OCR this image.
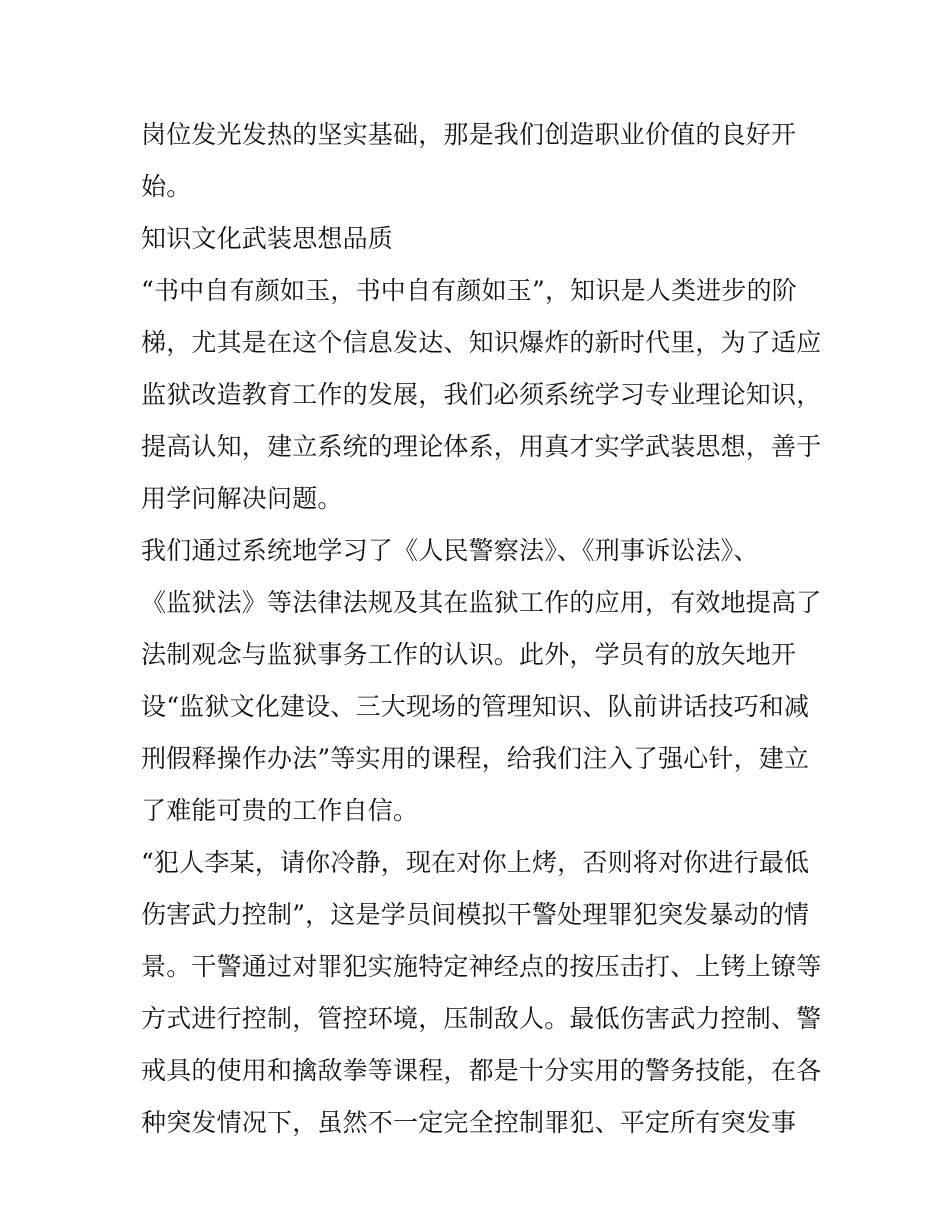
岗位发光发热的坚实基础，那是我们创造职业价值的良好开
始。
知识文化武装思想品质
“书中自有颜如玉，书中自有颜如玉”，知识是人类进步的阶
梯，尤其是在这个信息发达、知识爆炸的新时代里，为了适应
监狱改造教育工作的发展，我们必须系统学习专业理论知识，
提高认知，建立系统的理论体系，用真才实学武装思想，善于
用学问解决问题。
我们通过系统地学习了《人民警察法》、《刑事诉讼法》、
《监狱法》等法律法规及其在监狱工作的应用，有效地提高了
法制观念与监狱事务工作的认识。此外，学员有的放矢地开
设“监狱文化建设、三大现场的管理知识、队前讲话技巧和减
刑假释操作办法”等实用的课程，给我们注入了强心针，建立
了难能可贵的工作自信。
“犯人李某，请你冷静，现在对你上烤，否则将对你进行最低
伤害武力控制”，这是学员间模拟干警处理罪犯突发暴动的情
景。干警通过对罪犯实施特定神经点的按压击打、上铐上镣等
方式进行控制，管控环境，压制敌人。最低伤害武力控制、警
戒具的使用和擒敌拳等课程，都是十分实用的警务技能，在各
种突发情况下，虽然不一定完全控制罪犯、平定所有突发事
